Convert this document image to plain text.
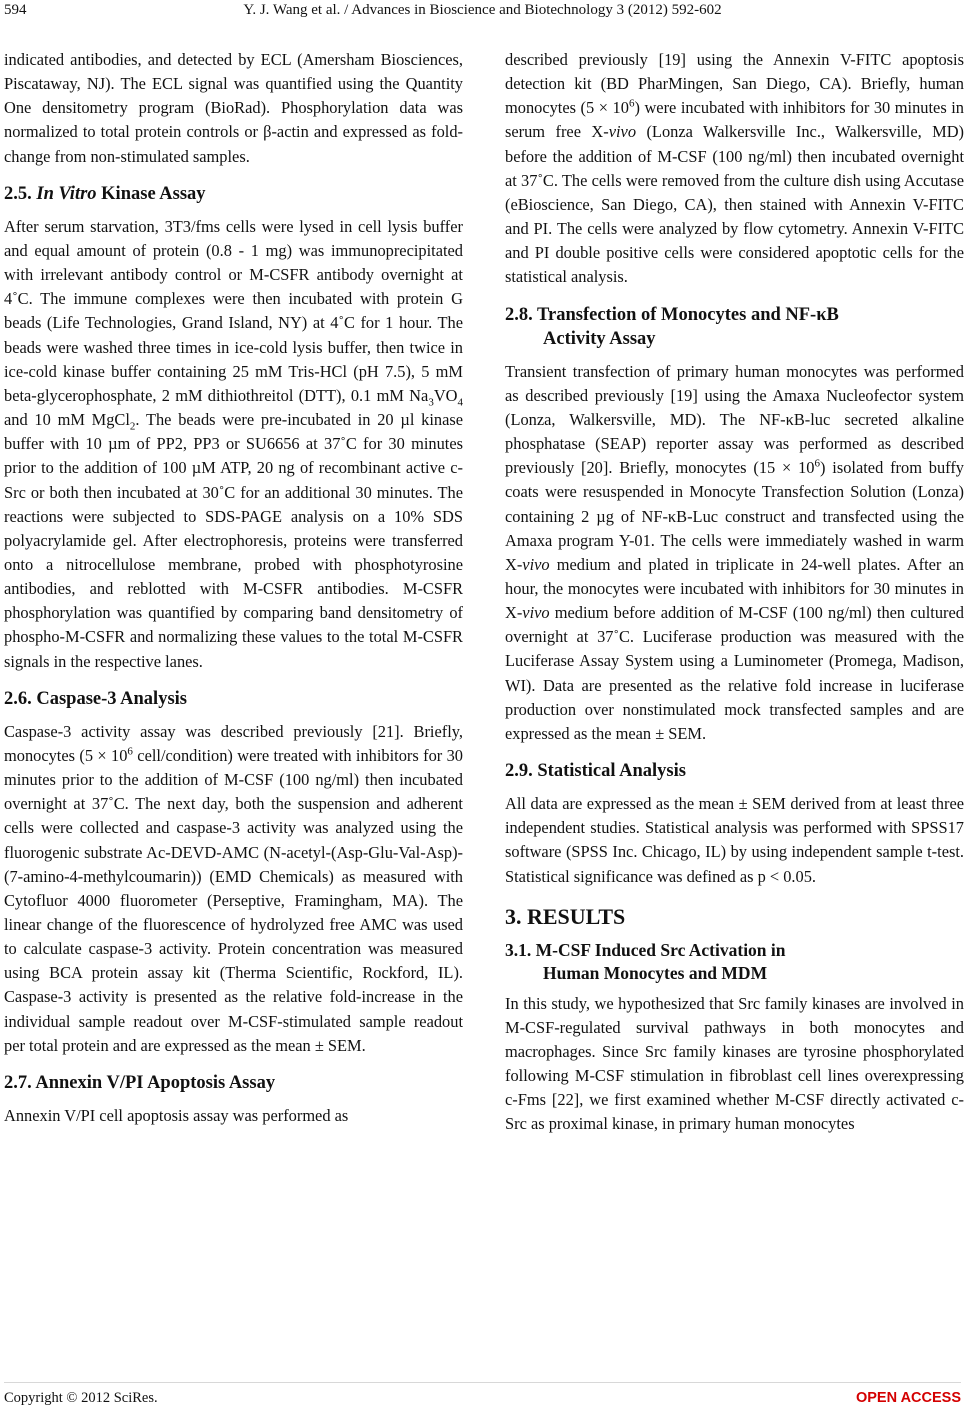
594	Y. J. Wang et al. / Advances in Bioscience and Biotechnology 3 (2012) 592-602

indicated antibodies, and detected by ECL (Amersham Biosciences, Piscataway, NJ). The ECL signal was quantified using the Quantity One densitometry program (BioRad). Phosphorylation data was normalized to total protein controls or β-actin and expressed as fold-change from non-stimulated samples.

2.5. In Vitro Kinase Assay

After serum starvation, 3T3/fms cells were lysed in cell lysis buffer and equal amount of protein (0.8 - 1 mg) was immunoprecipitated with irrelevant antibody control or M-CSFR antibody overnight at 4˚C. The immune complexes were then incubated with protein G beads (Life Technologies, Grand Island, NY) at 4˚C for 1 hour. The beads were washed three times in ice-cold lysis buffer, then twice in ice-cold kinase buffer containing 25 mM Tris-HCl (pH 7.5), 5 mM beta-glycerophosphate, 2 mM dithiothreitol (DTT), 0.1 mM $Na_3VO_4$ and 10 mM MgCl$_2$. The beads were pre-incubated in 20 µl kinase buffer with 10 µm of PP2, PP3 or SU6656 at 37˚C for 30 minutes prior to the addition of 100 µM ATP, 20 ng of recombinant active c-Src or both then incubated at 30˚C for an additional 30 minutes. The reactions were subjected to SDS-PAGE analysis on a 10% SDS polyacrylamide gel. After electrophoresis, proteins were transferred onto a nitrocellulose membrane, probed with phosphotyrosine antibodies, and reblotted with M-CSFR antibodies. M-CSFR phosphorylation was quantified by comparing band densitometry of phospho-M-CSFR and normalizing these values to the total M-CSFR signals in the respective lanes.

2.6. Caspase-3 Analysis

Caspase-3 activity assay was described previously [21]. Briefly, monocytes ($5 \times 10^6$ cell/condition) were treated with inhibitors for 30 minutes prior to the addition of M-CSF (100 ng/ml) then incubated overnight at 37˚C. The next day, both the suspension and adherent cells were collected and caspase-3 activity was analyzed using the fluorogenic substrate Ac-DEVD-AMC (N-acetyl-(Asp-Glu-Val-Asp)-(7-amino-4-methylcoumarin)) (EMD Chemicals) as measured with Cytofluor 4000 fluorometer (Perseptive, Framingham, MA). The linear change of the fluorescence of hydrolyzed free AMC was used to calculate caspase-3 activity. Protein concentration was measured using BCA protein assay kit (Therma Scientific, Rockford, IL). Caspase-3 activity is presented as the relative fold-increase in the individual sample readout over M-CSF-stimulated sample readout per total protein and are expressed as the mean ± SEM.

2.7. Annexin V/PI Apoptosis Assay

Annexin V/PI cell apoptosis assay was performed as

described previously [19] using the Annexin V-FITC apoptosis detection kit (BD PharMingen, San Diego, CA). Briefly, human monocytes $(5 \times 10^6)$ were incubated with inhibitors for 30 minutes in serum free X-vivo (Lonza Walkersville Inc., Walkersville, MD) before the addition of M-CSF (100 ng/ml) then incubated overnight at 37˚C. The cells were removed from the culture dish using Accutase (eBioscience, San Diego, CA), then stained with Annexin V-FITC and PI. The cells were analyzed by flow cytometry. Annexin V-FITC and PI double positive cells were considered apoptotic cells for the statistical analysis.

2.8. Transfection of Monocytes and NF-κB
Activity Assay

Transient transfection of primary human monocytes was performed as described previously [19] using the Amaxa Nucleofector system (Lonza, Walkersville, MD). The NF-κB-luc secreted alkaline phosphatase (SEAP) reporter assay was performed as described previously [20]. Briefly, monocytes $(15 \times 10^6)$ isolated from buffy coats were resuspended in Monocyte Transfection Solution (Lonza) containing 2 µg of NF-κB-Luc construct and transfected using the Amaxa program Y-01. The cells were immediately washed in warm X-vivo medium and plated in triplicate in 24-well plates. After an hour, the monocytes were incubated with inhibitors for 30 minutes in X-vivo medium before addition of M-CSF (100 ng/ml) then cultured overnight at 37˚C. Luciferase production was measured with the Luciferase Assay System using a Luminometer (Promega, Madison, WI). Data are presented as the relative fold increase in luciferase production over nonstimulated mock transfected samples and are expressed as the mean ± SEM.

2.9. Statistical Analysis

All data are expressed as the mean ± SEM derived from at least three independent studies. Statistical analysis was performed with SPSS17 software (SPSS Inc. Chicago, IL) by using independent sample t-test. Statistical significance was defined as p < 0.05.

3. RESULTS
3.1. M-CSF Induced Src Activation in
Human Monocytes and MDM

In this study, we hypothesized that Src family kinases are involved in M-CSF-regulated survival pathways in both monocytes and macrophages. Since Src family kinases are tyrosine phosphorylated following M-CSF stimulation in fibroblast cell lines overexpressing c-Fms [22], we first examined whether M-CSF directly activated c-Src as proximal kinase, in primary human monocytes

Copyright © 2012 SciRes.	OPEN ACCESS
